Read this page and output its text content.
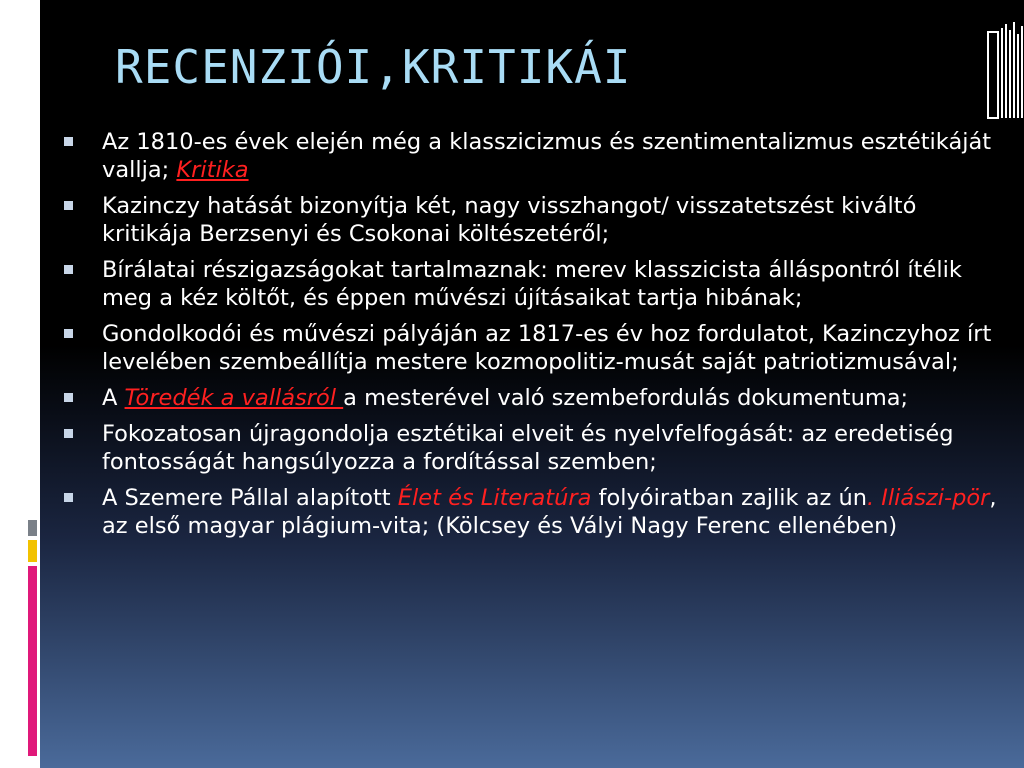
RECENZIÓI,KRITIKÁI
Az 1810-es évek elején még a klasszicizmus és szentimentalizmus esztétikáját vallja; Kritika
Kazinczy hatását bizonyítja két, nagy visszhangot/ visszatetszést kiváltó kritikája Berzsenyi és Csokonai költészetéről;
Bírálatai részigazságokat tartalmaznak: merev klasszicista álláspontról ítélik meg a kéz költőt, és éppen művészi újításaikat tartja hibának;
Gondolkodói és művészi pályáján az 1817-es év hoz fordulatot, Kazinczyhoz írt levelében szembeállítja mestere kozmopolitiz-musát saját patriotizmusával;
A Töredék a vallásról a mesterével való szembefordulás dokumentuma;
Fokozatosan újragondolja esztétikai elveit és nyelvfelfogását: az eredetiség fontosságát hangsúlyozza a fordítással szemben;
A Szemere Pállal alapított Élet és Literatúra folyóiratban zajlik az ún. Iliászi-pör, az első magyar plágium-vita; (Kölcsey és Vályi Nagy Ferenc ellenében)
